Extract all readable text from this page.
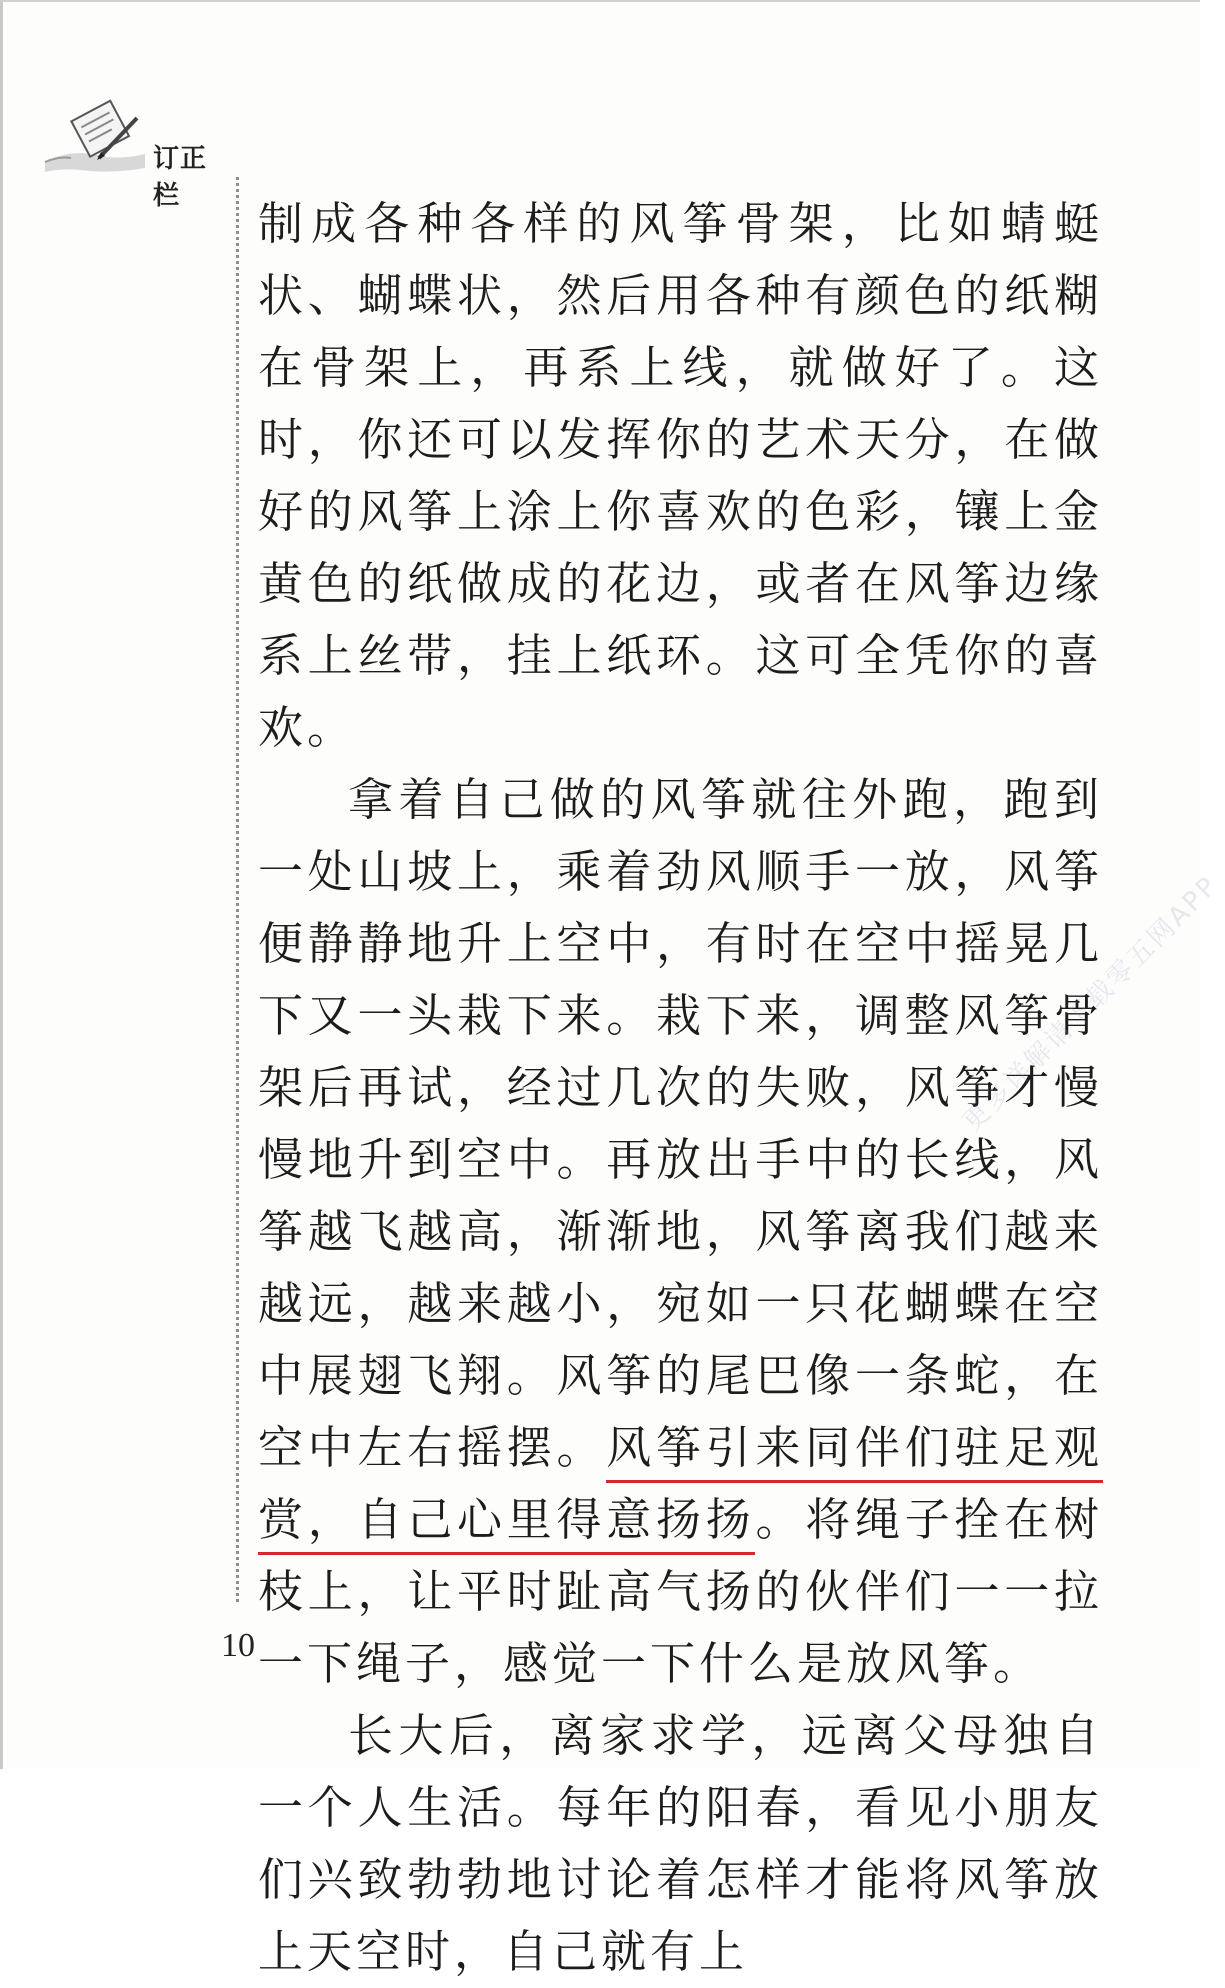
订正栏

制成各种各样的风筝骨架，比如蜻蜓状、蝴蝶状，然后用各种有颜色的纸糊在骨架上，再系上线，就做好了。这时，你还可以发挥你的艺术天分，在做好的风筝上涂上你喜欢的色彩，镶上金黄色的纸做成的花边，或者在风筝边缘系上丝带，挂上纸环。这可全凭你的喜欢。

拿着自己做的风筝就往外跑，跑到一处山坡上，乘着劲风顺手一放，风筝便静静地升上空中，有时在空中摇晃几下又一头栽下来。栽下来，调整风筝骨架后再试，经过几次的失败，风筝才慢慢地升到空中。再放出手中的长线，风筝越飞越高，渐渐地，风筝离我们越来越远，越来越小，宛如一只花蝴蝶在空中展翅飞翔。风筝的尾巴像一条蛇，在空中左右摇摆。风筝引来同伴们驻足观赏，自己心里得意扬扬。将绳子拴在树枝上，让平时趾高气扬的伙伴们一一拉一下绳子，感觉一下什么是放风筝。

长大后，离家求学，远离父母独自一个人生活。每年的阳春，看见小朋友们兴致勃勃地讨论着怎样才能将风筝放上天空时，自己就有上

更多详解请下载零五网APP
10
